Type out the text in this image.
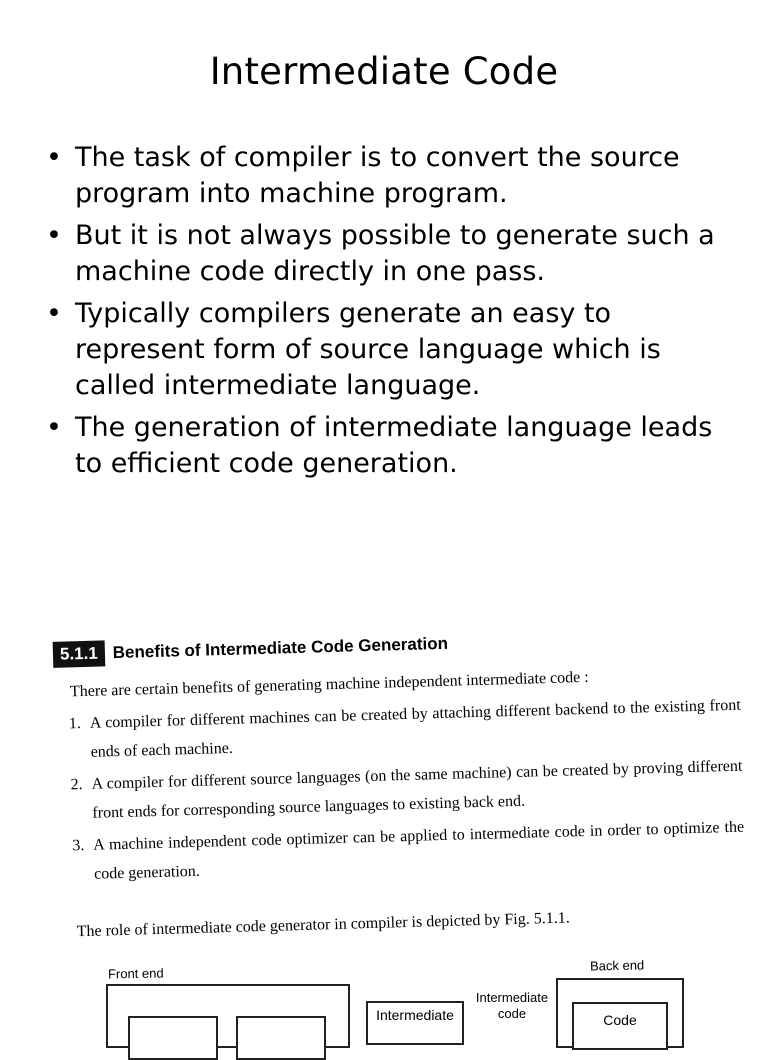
Intermediate Code
• The task of compiler is to convert the source program into machine program.
• But it is not always possible to generate such a machine code directly in one pass.
• Typically compilers generate an easy to represent form of source language which is called intermediate language.
• The generation of intermediate language leads to efficient code generation.
5.1.1 Benefits of Intermediate Code Generation

There are certain benefits of generating machine independent intermediate code :

1. A compiler for different machines can be created by attaching different backend to the existing front ends of each machine.
2. A compiler for different source languages (on the same machine) can be created by proving different front ends for corresponding source languages to existing back end.
3. A machine independent code optimizer can be applied to intermediate code in order to optimize the code generation.

The role of intermediate code generator in compiler is depicted by Fig. 5.1.1.

Front end
Back end
Intermediate
Intermediate code	Code
